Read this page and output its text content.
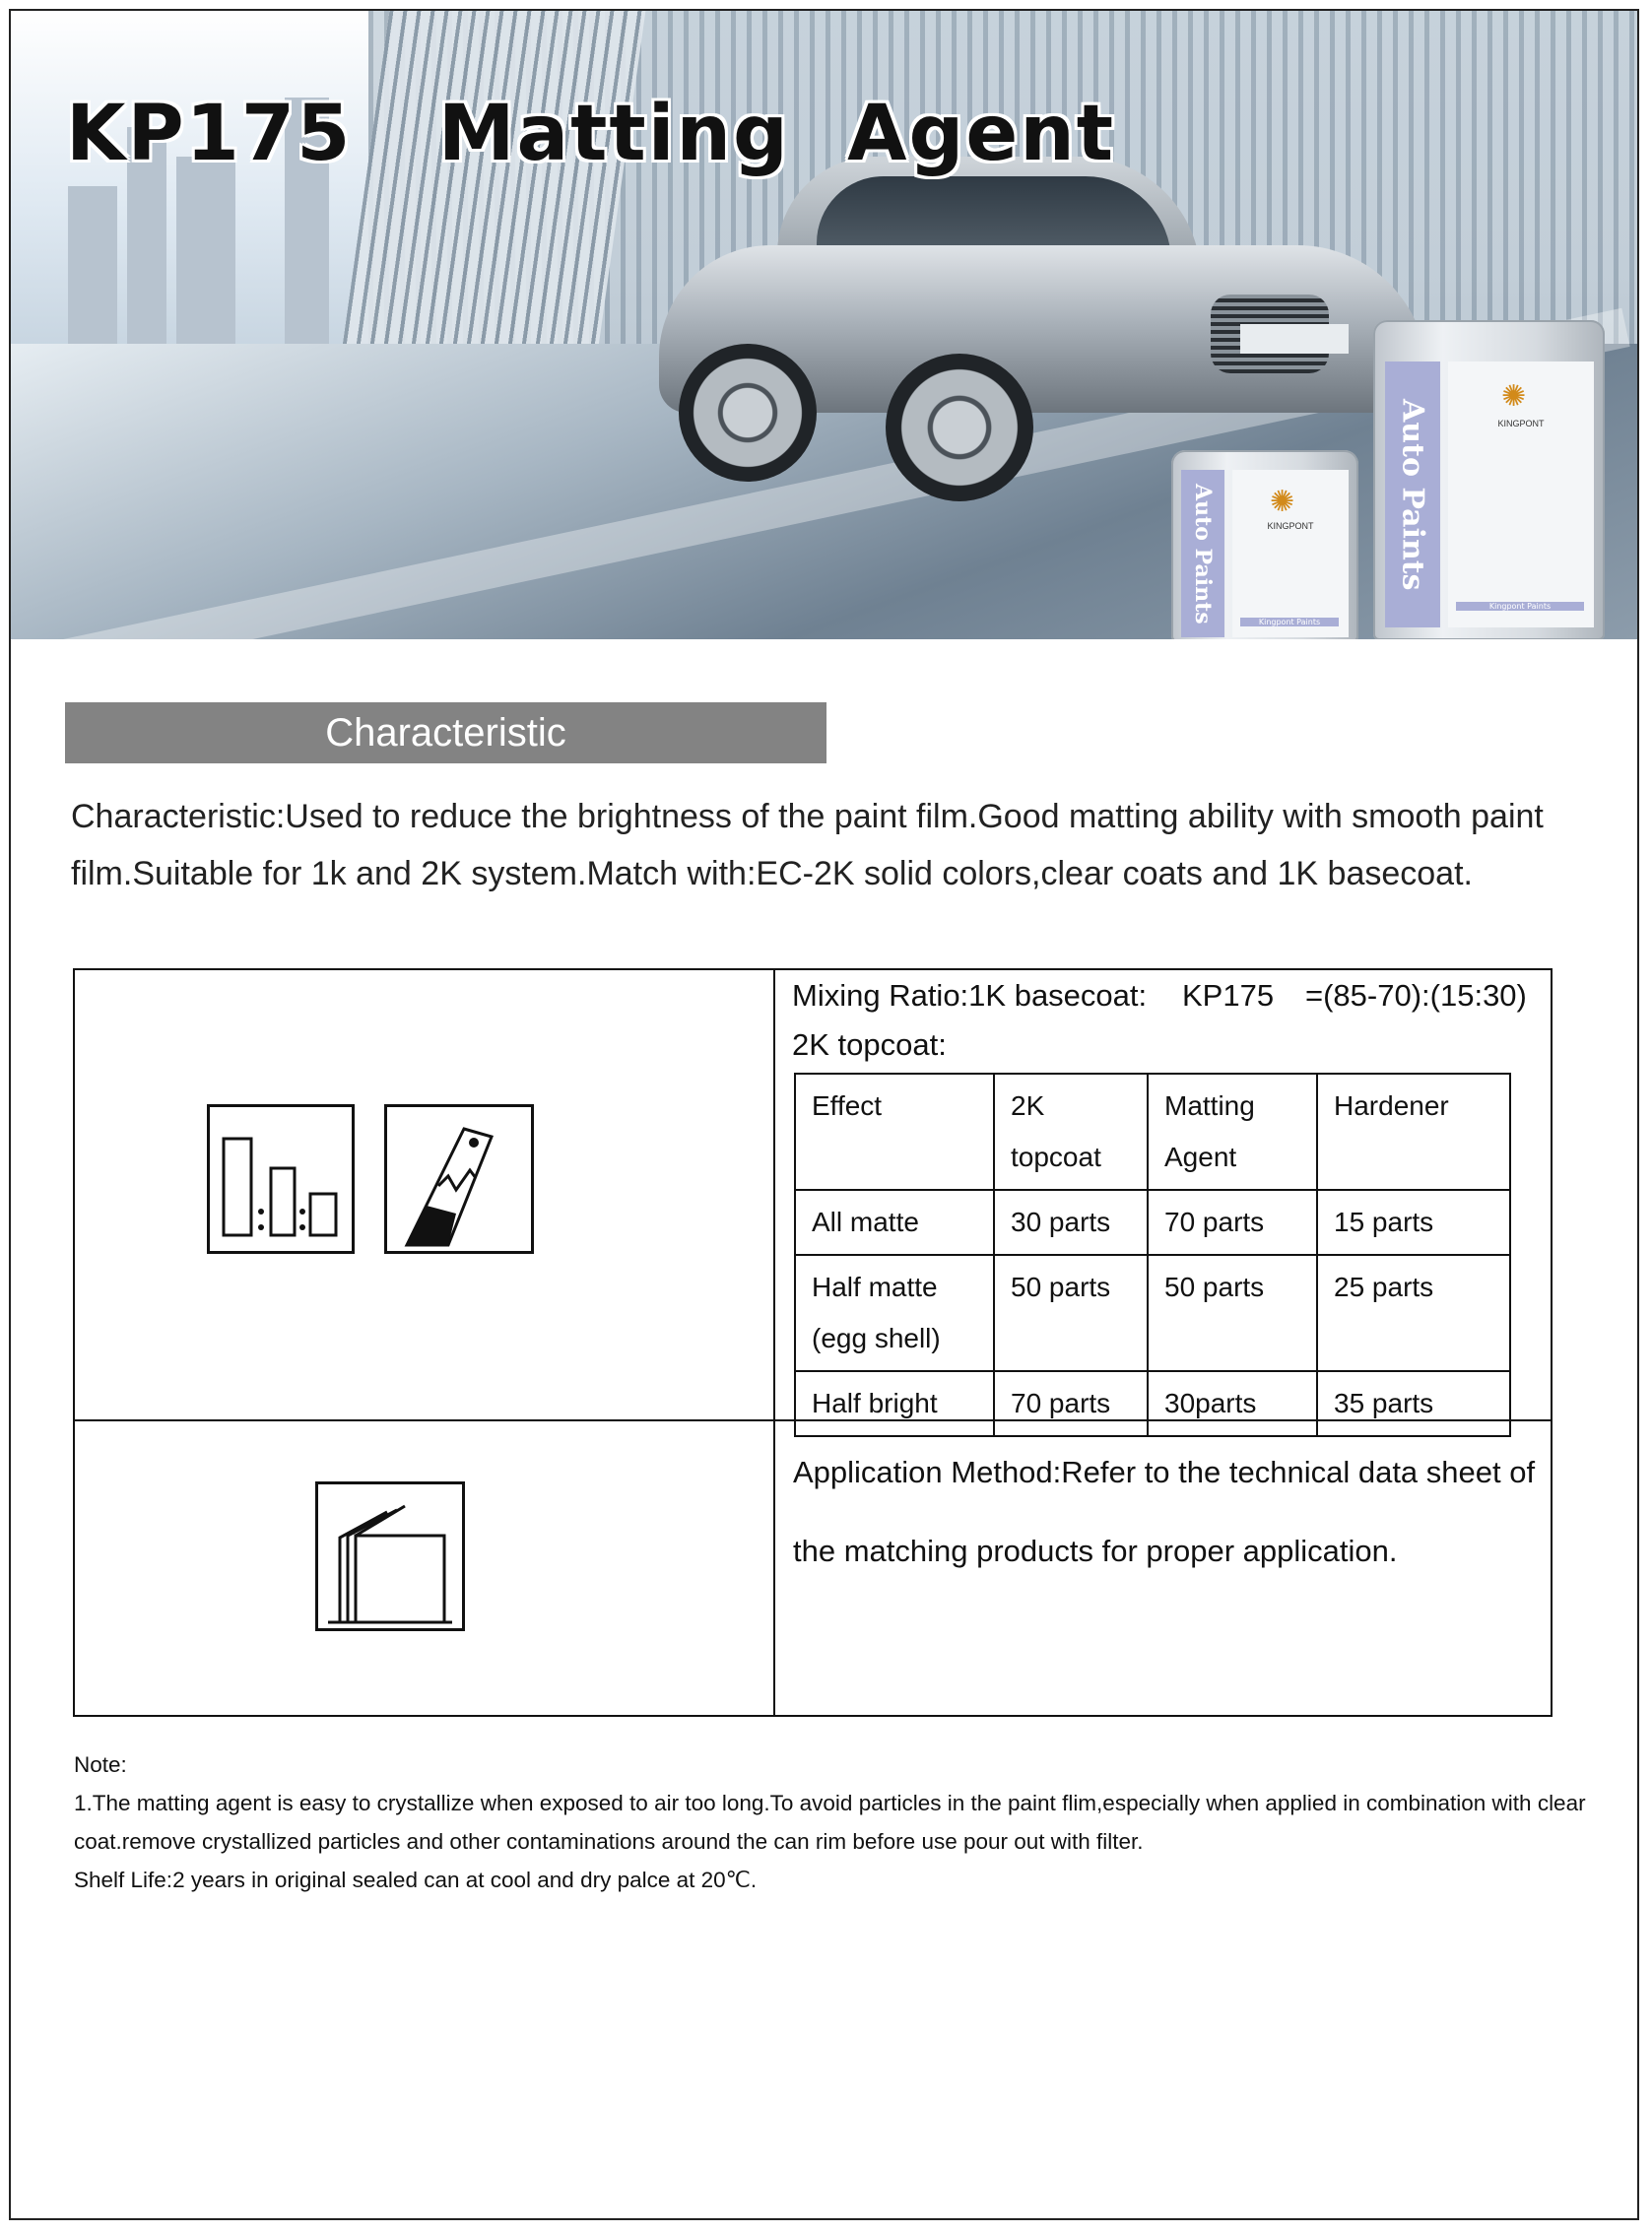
Auto Paints	✺
KINGPONT
Kingpont Paints
Auto Paints
✺
KINGPONT
Kingpont Paints
KP175   Matting  Agent
Characteristic
Characteristic:Used to reduce the brightness of the paint film.Good matting ability with smooth paint film.Suitable for 1k and 2K system.Match with:EC-2K solid colors,clear coats and 1K basecoat.
Mixing Ratio:1K basecoat: KP175 =(85-70):(15:30)
2K topcoat:
Effect	2K topcoat	Matting Agent	Hardener
All matte	30 parts	70 parts	15 parts
Half matte (egg shell)	50 parts	50 parts	25 parts
Half bright	70 parts	30parts	35 parts
Application Method:Refer to the technical data sheet of the matching products for proper application.

Note:

1.The matting agent is easy to crystallize when exposed to air too long.To avoid particles in the paint flim,especially when applied in combination with clear coat.remove crystallized particles and other contaminations around the can rim before use pour out with filter.

Shelf Life:2 years in original sealed can at cool and dry palce at 20℃.
